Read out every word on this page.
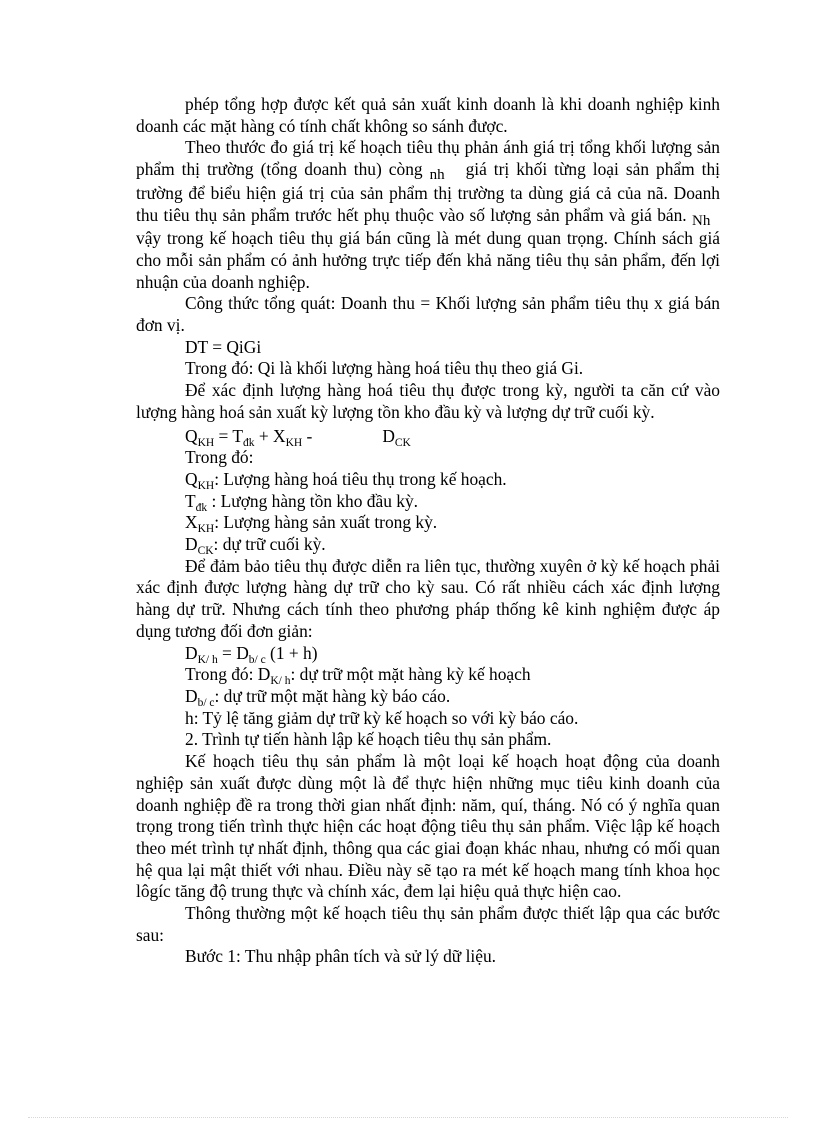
phép tổng hợp được kết quả sản xuất kinh doanh là khi doanh nghiệp kinh doanh các mặt hàng có tính chất không so sánh được.

Theo thước đo giá trị kế hoạch tiêu thụ phản ánh giá trị tổng khối lượng sản phẩm thị trường (tổng doanh thu) còng nh giá trị khối từng loại sản phẩm thị trường để biểu hiện giá trị của sản phẩm thị trường ta dùng giá cả của nã. Doanh thu tiêu thụ sản phẩm trước hết phụ thuộc vào số lượng sản phẩm và giá bán. Nh   vậy trong kế hoạch tiêu thụ giá bán cũng là mét dung quan trọng. Chính sách giá cho mỗi sản phẩm có ảnh hưởng trực tiếp đến khả năng tiêu thụ sản phẩm, đến lợi nhuận của doanh nghiệp.

Công thức tổng quát: Doanh thu = Khối lượng sản phẩm tiêu thụ x giá bán đơn vị.

DT = QiGi

Trong đó: Qi là khối lượng hàng hoá tiêu thụ theo giá Gi.

Để xác định lượng hàng hoá tiêu thụ được trong kỳ, người ta căn cứ vào lượng hàng hoá sản xuất kỳ lượng tồn kho đầu kỳ và lượng dự trữ cuối kỳ.

$Q_{KH} = T_{đk} + X_{KH}$ -	$D_{CK}$

Trong đó:

$Q_{KH}$: Lượng hàng hoá tiêu thụ trong kế hoạch.

$T_{đk}$ : Lượng hàng tồn kho đầu kỳ.

$X_{KH}$: Lượng hàng sản xuất trong kỳ.

$D_{CK}$: dự trữ cuối kỳ.

Để đảm bảo tiêu thụ được diễn ra liên tục, thường xuyên ở kỳ kế hoạch phải xác định được lượng hàng dự trữ cho kỳ sau. Có rất nhiều cách xác định lượng hàng dự trữ. Nhưng cách tính theo phương pháp thống kê kinh nghiệm được áp dụng tương đối đơn giản:

$D_{K/ h} = D_{b/ c}$ (1 + h)

Trong đó: $D_{K/ h}$: dự trữ một mặt hàng kỳ kế hoạch

$D_{b/ c}$: dự trữ một mặt hàng kỳ báo cáo.

h: Tỷ lệ tăng giảm dự trữ kỳ kế hoạch so với kỳ báo cáo.

2. Trình tự tiến hành lập kế hoạch tiêu thụ sản phẩm.

Kế hoạch tiêu thụ sản phẩm là một loại kế hoạch hoạt động của doanh nghiệp sản xuất được dùng một là để thực hiện những mục tiêu kinh doanh của doanh nghiệp đề ra trong thời gian nhất định: năm, quí, tháng. Nó có ý nghĩa quan trọng trong tiến trình thực hiện các hoạt động tiêu thụ sản phẩm. Việc lập kế hoạch theo mét trình tự nhất định, thông qua các giai đoạn khác nhau, nhưng có mối quan hệ qua lại mật thiết với nhau. Điều này sẽ tạo ra mét kế hoạch mang tính khoa học lôgíc tăng độ trung thực và chính xác, đem lại hiệu quả thực hiện cao.

Thông thường một kế hoạch tiêu thụ sản phẩm được thiết lập qua các bước sau:

Bước 1: Thu nhập phân tích và sử lý dữ liệu.
